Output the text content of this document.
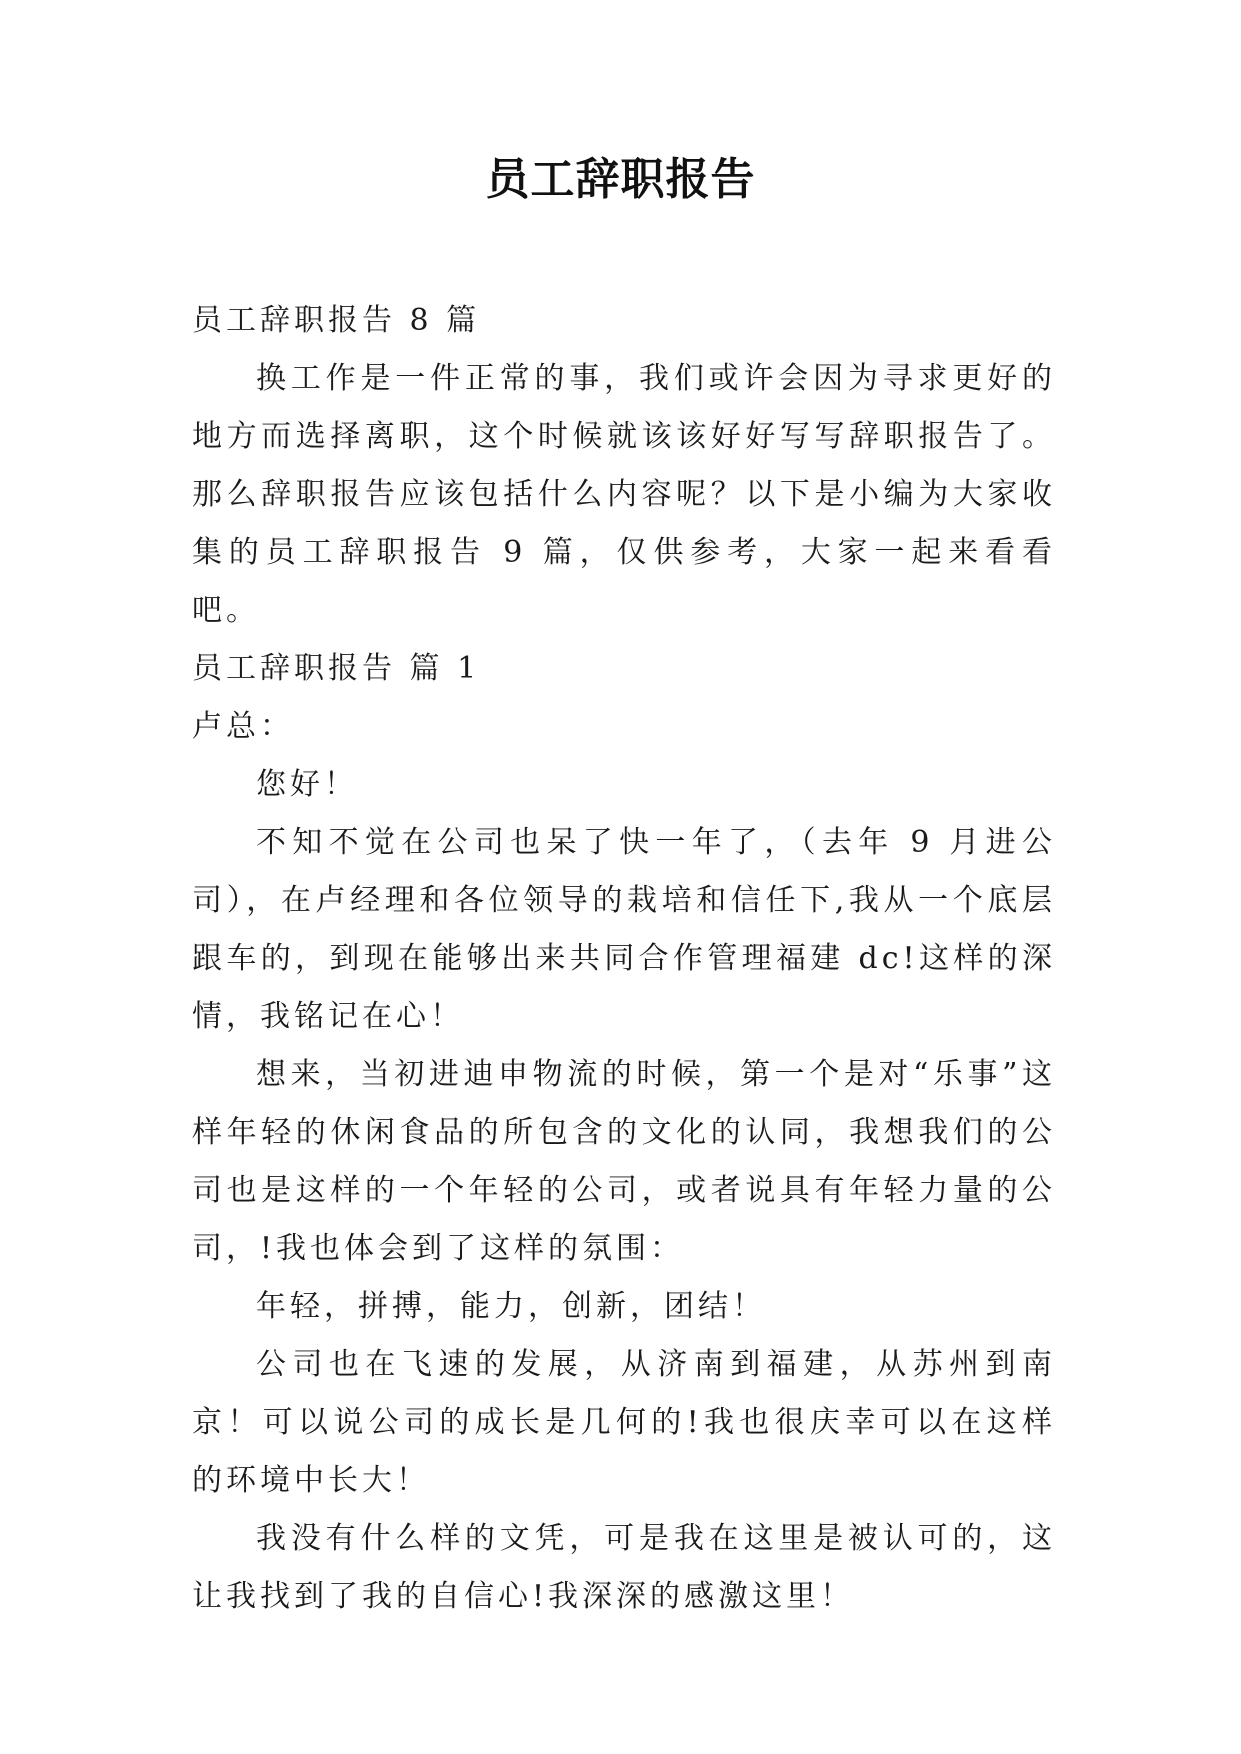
员工辞职报告

员工辞职报告 8 篇

换工作是一件正常的事，我们或许会因为寻求更好的地方而选择离职，这个时候就该该好好写写辞职报告了。那么辞职报告应该包括什么内容呢？以下是小编为大家收集的员工辞职报告 9 篇，仅供参考，大家一起来看看吧。

员工辞职报告 篇 1

卢总：

您好！

不知不觉在公司也呆了快一年了，（去年 9 月进公司），在卢经理和各位领导的栽培和信任下,我从一个底层跟车的，到现在能够出来共同合作管理福建 dc!这样的深情，我铭记在心！

想来，当初进迪申物流的时候，第一个是对“乐事”这样年轻的休闲食品的所包含的文化的认同，我想我们的公司也是这样的一个年轻的公司，或者说具有年轻力量的公司，!我也体会到了这样的氛围：

年轻，拼搏，能力，创新，团结！

公司也在飞速的发展，从济南到福建，从苏州到南京！可以说公司的成长是几何的!我也很庆幸可以在这样的环境中长大！

我没有什么样的文凭，可是我在这里是被认可的，这让我找到了我的自信心!我深深的感激这里！
